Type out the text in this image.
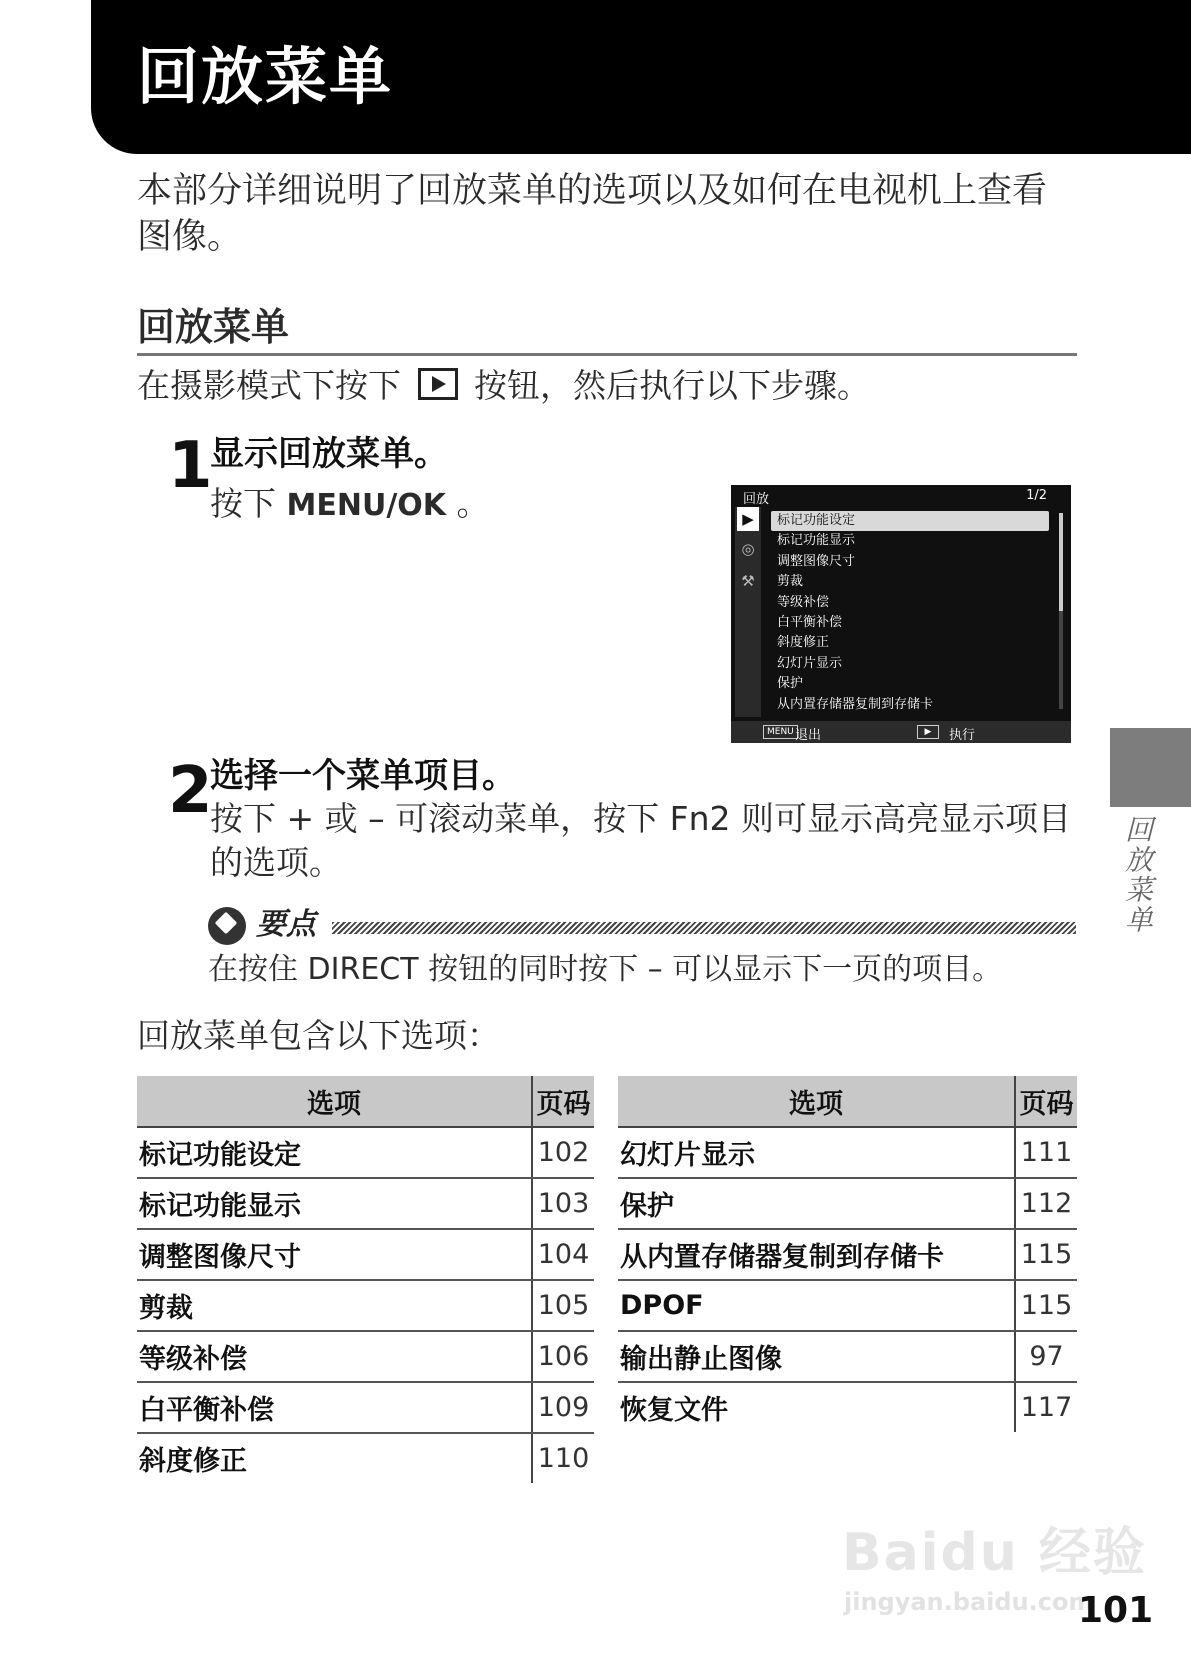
回放菜单
本部分详细说明了回放菜单的选项以及如何在电视机上查看图像。
回放菜单
在摄影模式下按下 按钮，然后执行以下步骤。
1
显示回放菜单。
按下 MENU/OK 。	回放	1/2
▶
◎
⚒
标记功能设定
标记功能显示
调整图像尺寸
剪裁
等级补偿
白平衡补偿
斜度修正
幻灯片显示
保护
从内置存储器复制到存储卡
MENU 退出	▶	执行
2
选择一个菜单项目。
按下 + 或 – 可滚动菜单，按下 Fn2 则可显示高亮显示项目的选项。
要点
在按住 DIRECT 按钮的同时按下 – 可以显示下一页的项目。
回放菜单包含以下选项：
选项	页码
标记功能设定	102
标记功能显示	103
调整图像尺寸	104
剪裁	105
等级补偿	106
白平衡补偿	109
斜度修正	110
选项	页码
幻灯片显示	111
保护	112
从内置存储器复制到存储卡	115
DPOF	115
输出静止图像	97
恢复文件	117
回放菜单
Baidu 经验
jingyan.baidu.com
101
